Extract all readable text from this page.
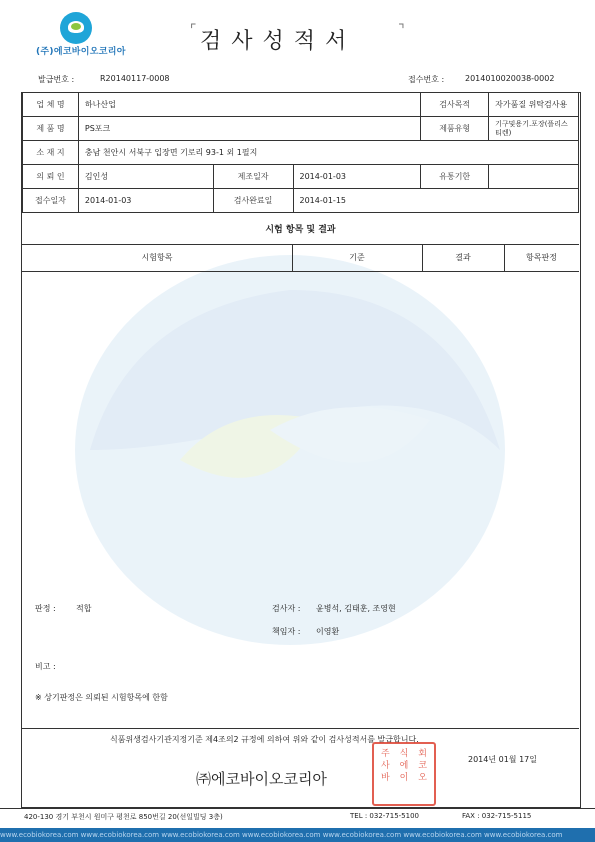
(주)에코바이오코리아
⌜ 검사성적서	⌝
발급번호 :	R20140117-0008	접수번호 :	2014010020038-0002
업 체 명	하나산업			검사목적	자가품질 위탁검사용
제 품 명	PS포크			제품유형	기구및용기.포장(플리스티렌)
소 재 지	충남 천안시 서북구 입장면 기로리 93-1 외 1필지				
의 뢰 인	김인성	제조일자	2014-01-03	유통기한	
접수일자	2014-01-03	검사완료일	2014-01-15		
시험 항목 및 결과
시험항목	기준	결과	항목판정
판정 :	적합	검사자 : 윤병석, 김태훈, 조영현
책임자 : 이영환
비고 :
※ 상기판정은 의뢰된 시험항목에 한함
식품위생검사기관지정기준 제4조의2 규정에 의하여 위와 같이 검사성적서를 발급합니다.
2014년 01월 17일
㈜에코바이오코리아
주	식	회
사	에	코
바	이	오
420-130 경기 부천시 원미구 평천로 850번길 20(선일빌딩 3층)	TEL : 032-715-5100	FAX : 032-715-5115
www.ecobiokorea.com www.ecobiokorea.com www.ecobiokorea.com www.ecobiokorea.com www.ecobiokorea.com www.ecobiokorea.com www.ecobiokorea.com
